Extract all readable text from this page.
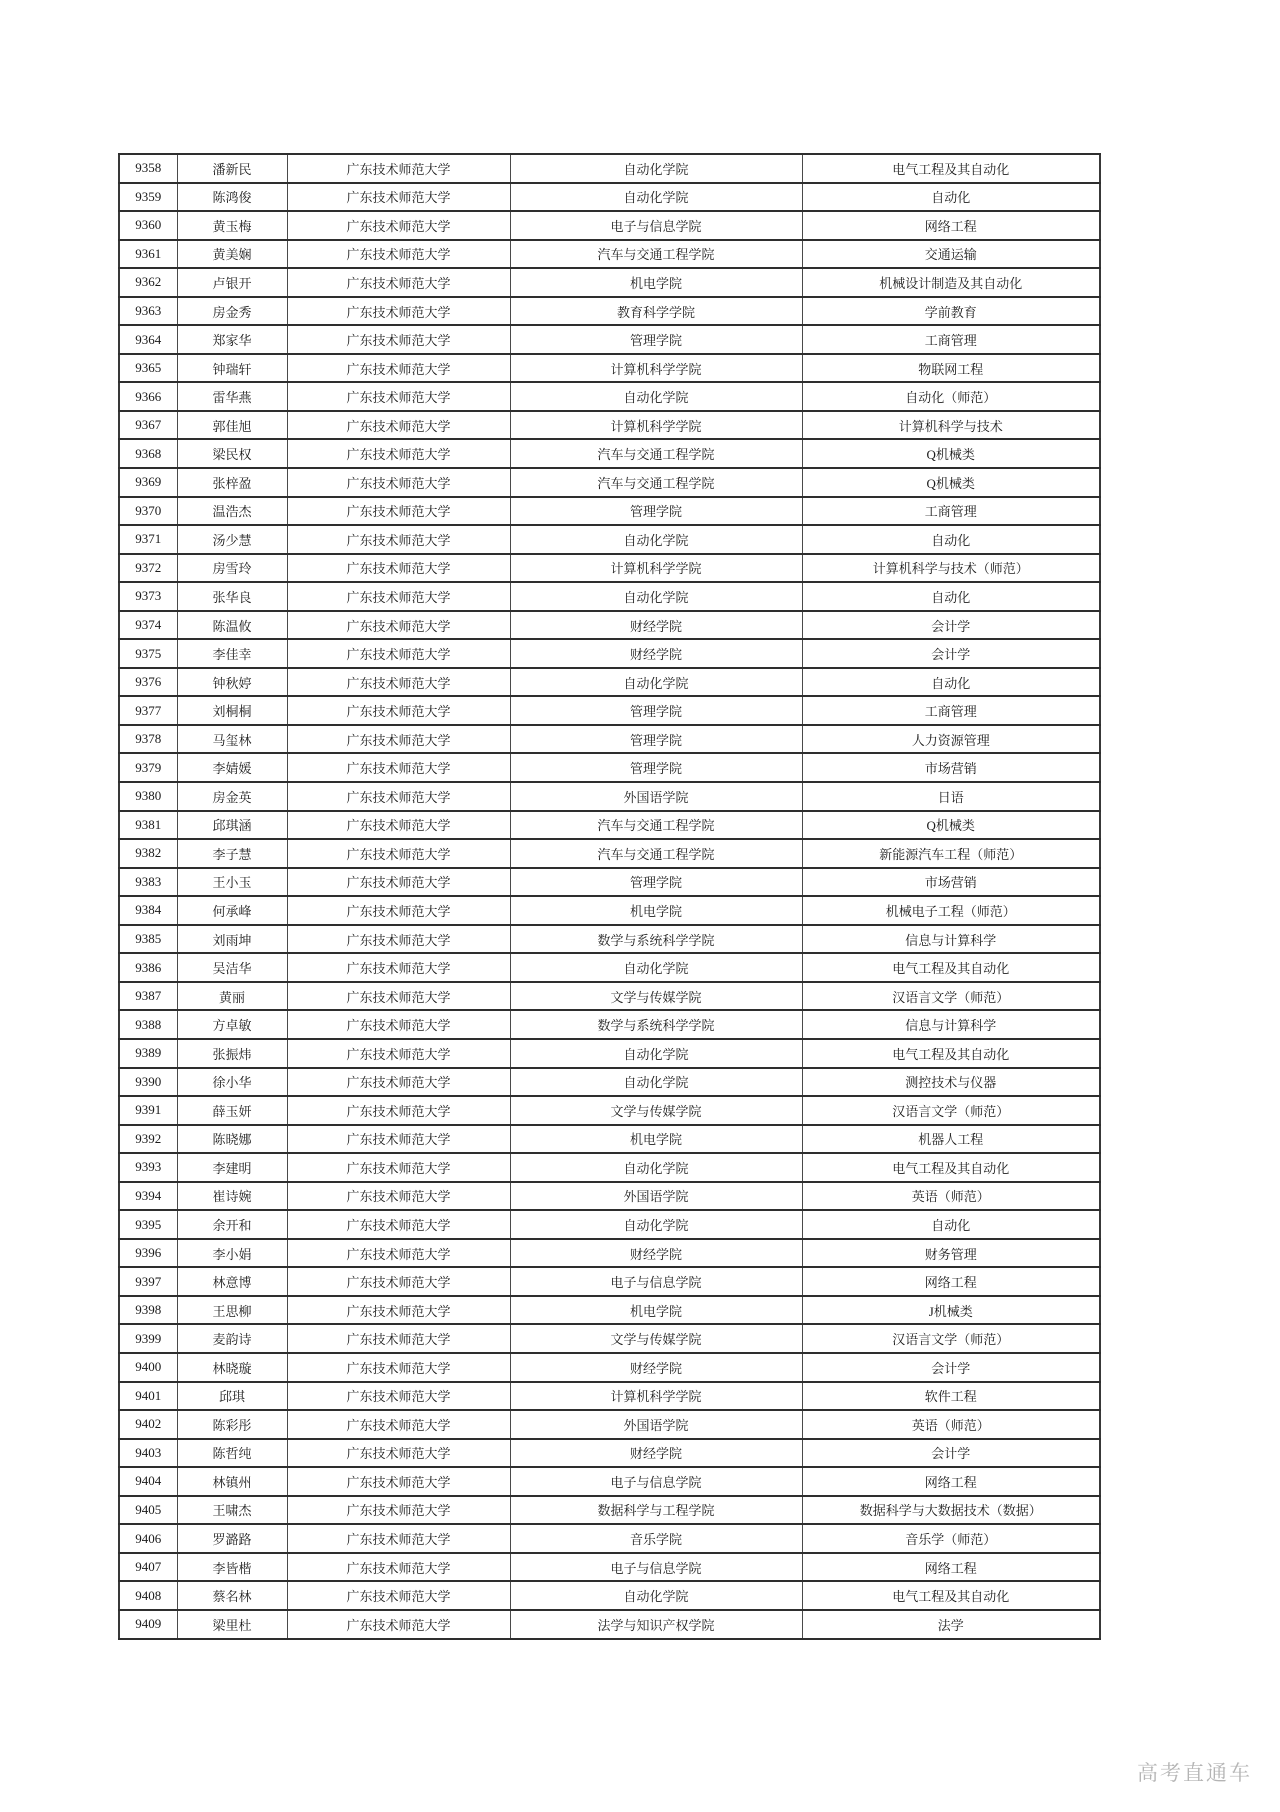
9358	潘新民	广东技术师范大学	自动化学院	电气工程及其自动化
9359	陈鸿俊	广东技术师范大学	自动化学院	自动化
9360	黄玉梅	广东技术师范大学	电子与信息学院	网络工程
9361	黄美娴	广东技术师范大学	汽车与交通工程学院	交通运输
9362	卢银开	广东技术师范大学	机电学院	机械设计制造及其自动化
9363	房金秀	广东技术师范大学	教育科学学院	学前教育
9364	郑家华	广东技术师范大学	管理学院	工商管理
9365	钟瑞轩	广东技术师范大学	计算机科学学院	物联网工程
9366	雷华燕	广东技术师范大学	自动化学院	自动化（师范）
9367	郭佳旭	广东技术师范大学	计算机科学学院	计算机科学与技术
9368	梁民权	广东技术师范大学	汽车与交通工程学院	Q机械类
9369	张梓盈	广东技术师范大学	汽车与交通工程学院	Q机械类
9370	温浩杰	广东技术师范大学	管理学院	工商管理
9371	汤少慧	广东技术师范大学	自动化学院	自动化
9372	房雪玲	广东技术师范大学	计算机科学学院	计算机科学与技术（师范）
9373	张华良	广东技术师范大学	自动化学院	自动化
9374	陈温攸	广东技术师范大学	财经学院	会计学
9375	李佳幸	广东技术师范大学	财经学院	会计学
9376	钟秋婷	广东技术师范大学	自动化学院	自动化
9377	刘桐桐	广东技术师范大学	管理学院	工商管理
9378	马玺林	广东技术师范大学	管理学院	人力资源管理
9379	李婧媛	广东技术师范大学	管理学院	市场营销
9380	房金英	广东技术师范大学	外国语学院	日语
9381	邱琪涵	广东技术师范大学	汽车与交通工程学院	Q机械类
9382	李子慧	广东技术师范大学	汽车与交通工程学院	新能源汽车工程（师范）
9383	王小玉	广东技术师范大学	管理学院	市场营销
9384	何承峰	广东技术师范大学	机电学院	机械电子工程（师范）
9385	刘雨坤	广东技术师范大学	数学与系统科学学院	信息与计算科学
9386	吴洁华	广东技术师范大学	自动化学院	电气工程及其自动化
9387	黄丽	广东技术师范大学	文学与传媒学院	汉语言文学（师范）
9388	方卓敏	广东技术师范大学	数学与系统科学学院	信息与计算科学
9389	张振炜	广东技术师范大学	自动化学院	电气工程及其自动化
9390	徐小华	广东技术师范大学	自动化学院	测控技术与仪器
9391	薛玉妍	广东技术师范大学	文学与传媒学院	汉语言文学（师范）
9392	陈晓娜	广东技术师范大学	机电学院	机器人工程
9393	李建明	广东技术师范大学	自动化学院	电气工程及其自动化
9394	崔诗婉	广东技术师范大学	外国语学院	英语（师范）
9395	余开和	广东技术师范大学	自动化学院	自动化
9396	李小娟	广东技术师范大学	财经学院	财务管理
9397	林意博	广东技术师范大学	电子与信息学院	网络工程
9398	王思柳	广东技术师范大学	机电学院	J机械类
9399	麦韵诗	广东技术师范大学	文学与传媒学院	汉语言文学（师范）
9400	林晓璇	广东技术师范大学	财经学院	会计学
9401	邱琪	广东技术师范大学	计算机科学学院	软件工程
9402	陈彩彤	广东技术师范大学	外国语学院	英语（师范）
9403	陈哲纯	广东技术师范大学	财经学院	会计学
9404	林镇州	广东技术师范大学	电子与信息学院	网络工程
9405	王啸杰	广东技术师范大学	数据科学与工程学院	数据科学与大数据技术（数据）
9406	罗潞路	广东技术师范大学	音乐学院	音乐学（师范）
9407	李皆楷	广东技术师范大学	电子与信息学院	网络工程
9408	蔡名林	广东技术师范大学	自动化学院	电气工程及其自动化
9409	梁里杜	广东技术师范大学	法学与知识产权学院	法学
高考直通车
